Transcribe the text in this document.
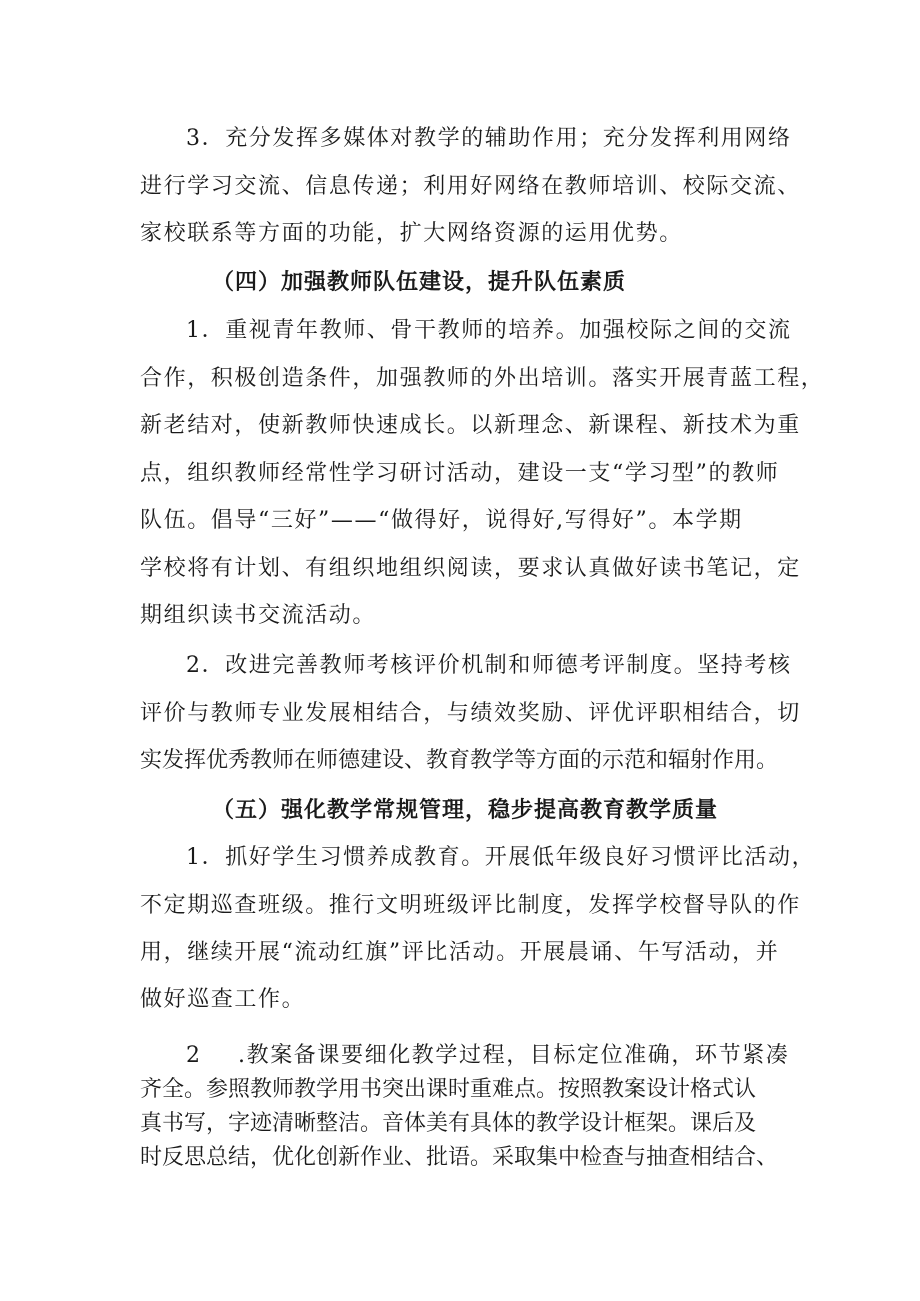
3．充分发挥多媒体对教学的辅助作用；充分发挥利用网络
进行学习交流、信息传递；利用好网络在教师培训、校际交流、
家校联系等方面的功能，扩大网络资源的运用优势。
（四）加强教师队伍建设，提升队伍素质
1．重视青年教师、骨干教师的培养。加强校际之间的交流
合作，积极创造条件，加强教师的外出培训。落实开展青蓝工程，
新老结对，使新教师快速成长。以新理念、新课程、新技术为重
点，组织教师经常性学习研讨活动，建设一支“学习型”的教师
队伍。倡导“三好”——“做得好，说得好,写得好”。本学期
学校将有计划、有组织地组织阅读，要求认真做好读书笔记，定
期组织读书交流活动。
2．改进完善教师考核评价机制和师德考评制度。坚持考核
评价与教师专业发展相结合，与绩效奖励、评优评职相结合，切
实发挥优秀教师在师德建设、教育教学等方面的示范和辐射作用。
（五）强化教学常规管理，稳步提高教育教学质量
1．抓好学生习惯养成教育。开展低年级良好习惯评比活动，
不定期巡查班级。推行文明班级评比制度，发挥学校督导队的作
用，继续开展“流动红旗”评比活动。开展晨诵、午写活动，并
做好巡查工作。
2 .教案备课要细化教学过程，目标定位准确，环节紧凑
齐全。参照教师教学用书突出课时重难点。按照教案设计格式认
真书写，字迹清晰整洁。音体美有具体的教学设计框架。课后及
时反思总结，优化创新作业、批语。采取集中检查与抽查相结合、
